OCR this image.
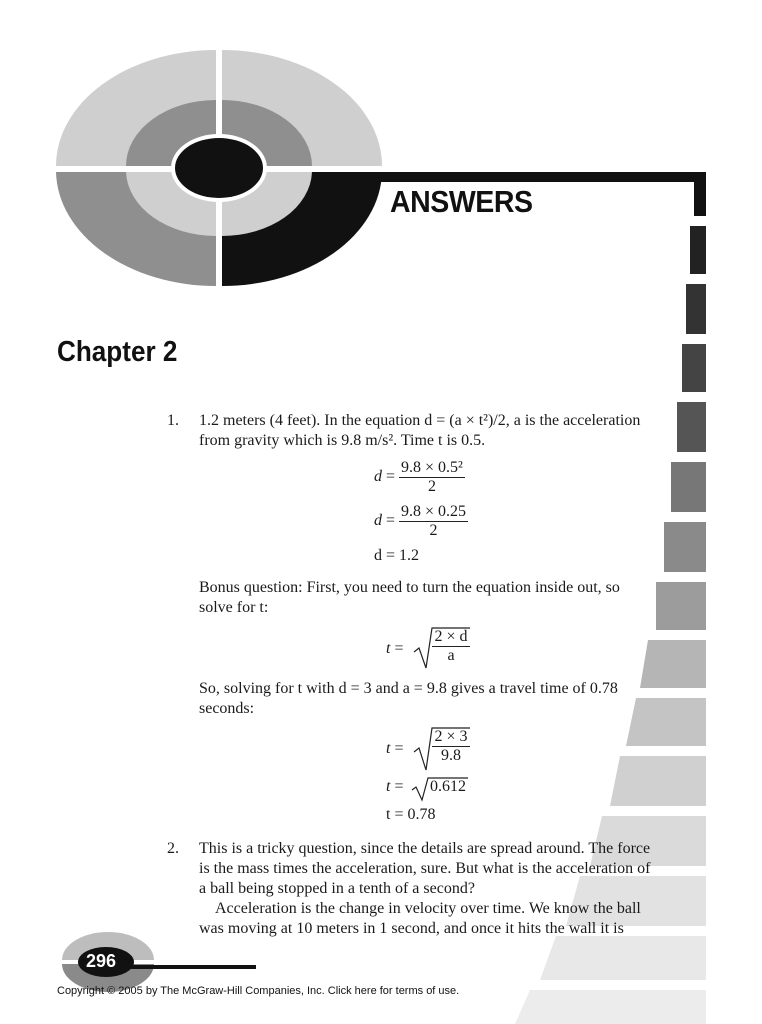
ANSWERS
Chapter 2
1. 1.2 meters (4 feet). In the equation d = (a × t²)/2, a is the acceleration
from gravity which is 9.8 m/s². Time t is 0.5.
$d = \frac{\text{9.8 × 0.5²}}{2}$
$d = \frac{9.8 \times 0.25}{2}$
d = 1.2
Bonus question: First, you need to turn the equation inside out, so
solve for t:
$t = \frac{2 \times d}{a}$
So, solving for t with d = 3 and a = 9.8 gives a travel time of 0.78
seconds:
$t = \frac{2 \times 3}{9.8}$
t = 0.612
t = 0.78
2. This is a tricky question, since the details are spread around. The force
is the mass times the acceleration, sure. But what is the acceleration of
a ball being stopped in a tenth of a second?
Acceleration is the change in velocity over time. We know the ball
was moving at 10 meters in 1 second, and once it hits the wall it is
296
Copyright © 2005 by The McGraw-Hill Companies, Inc. Click here for terms of use.
